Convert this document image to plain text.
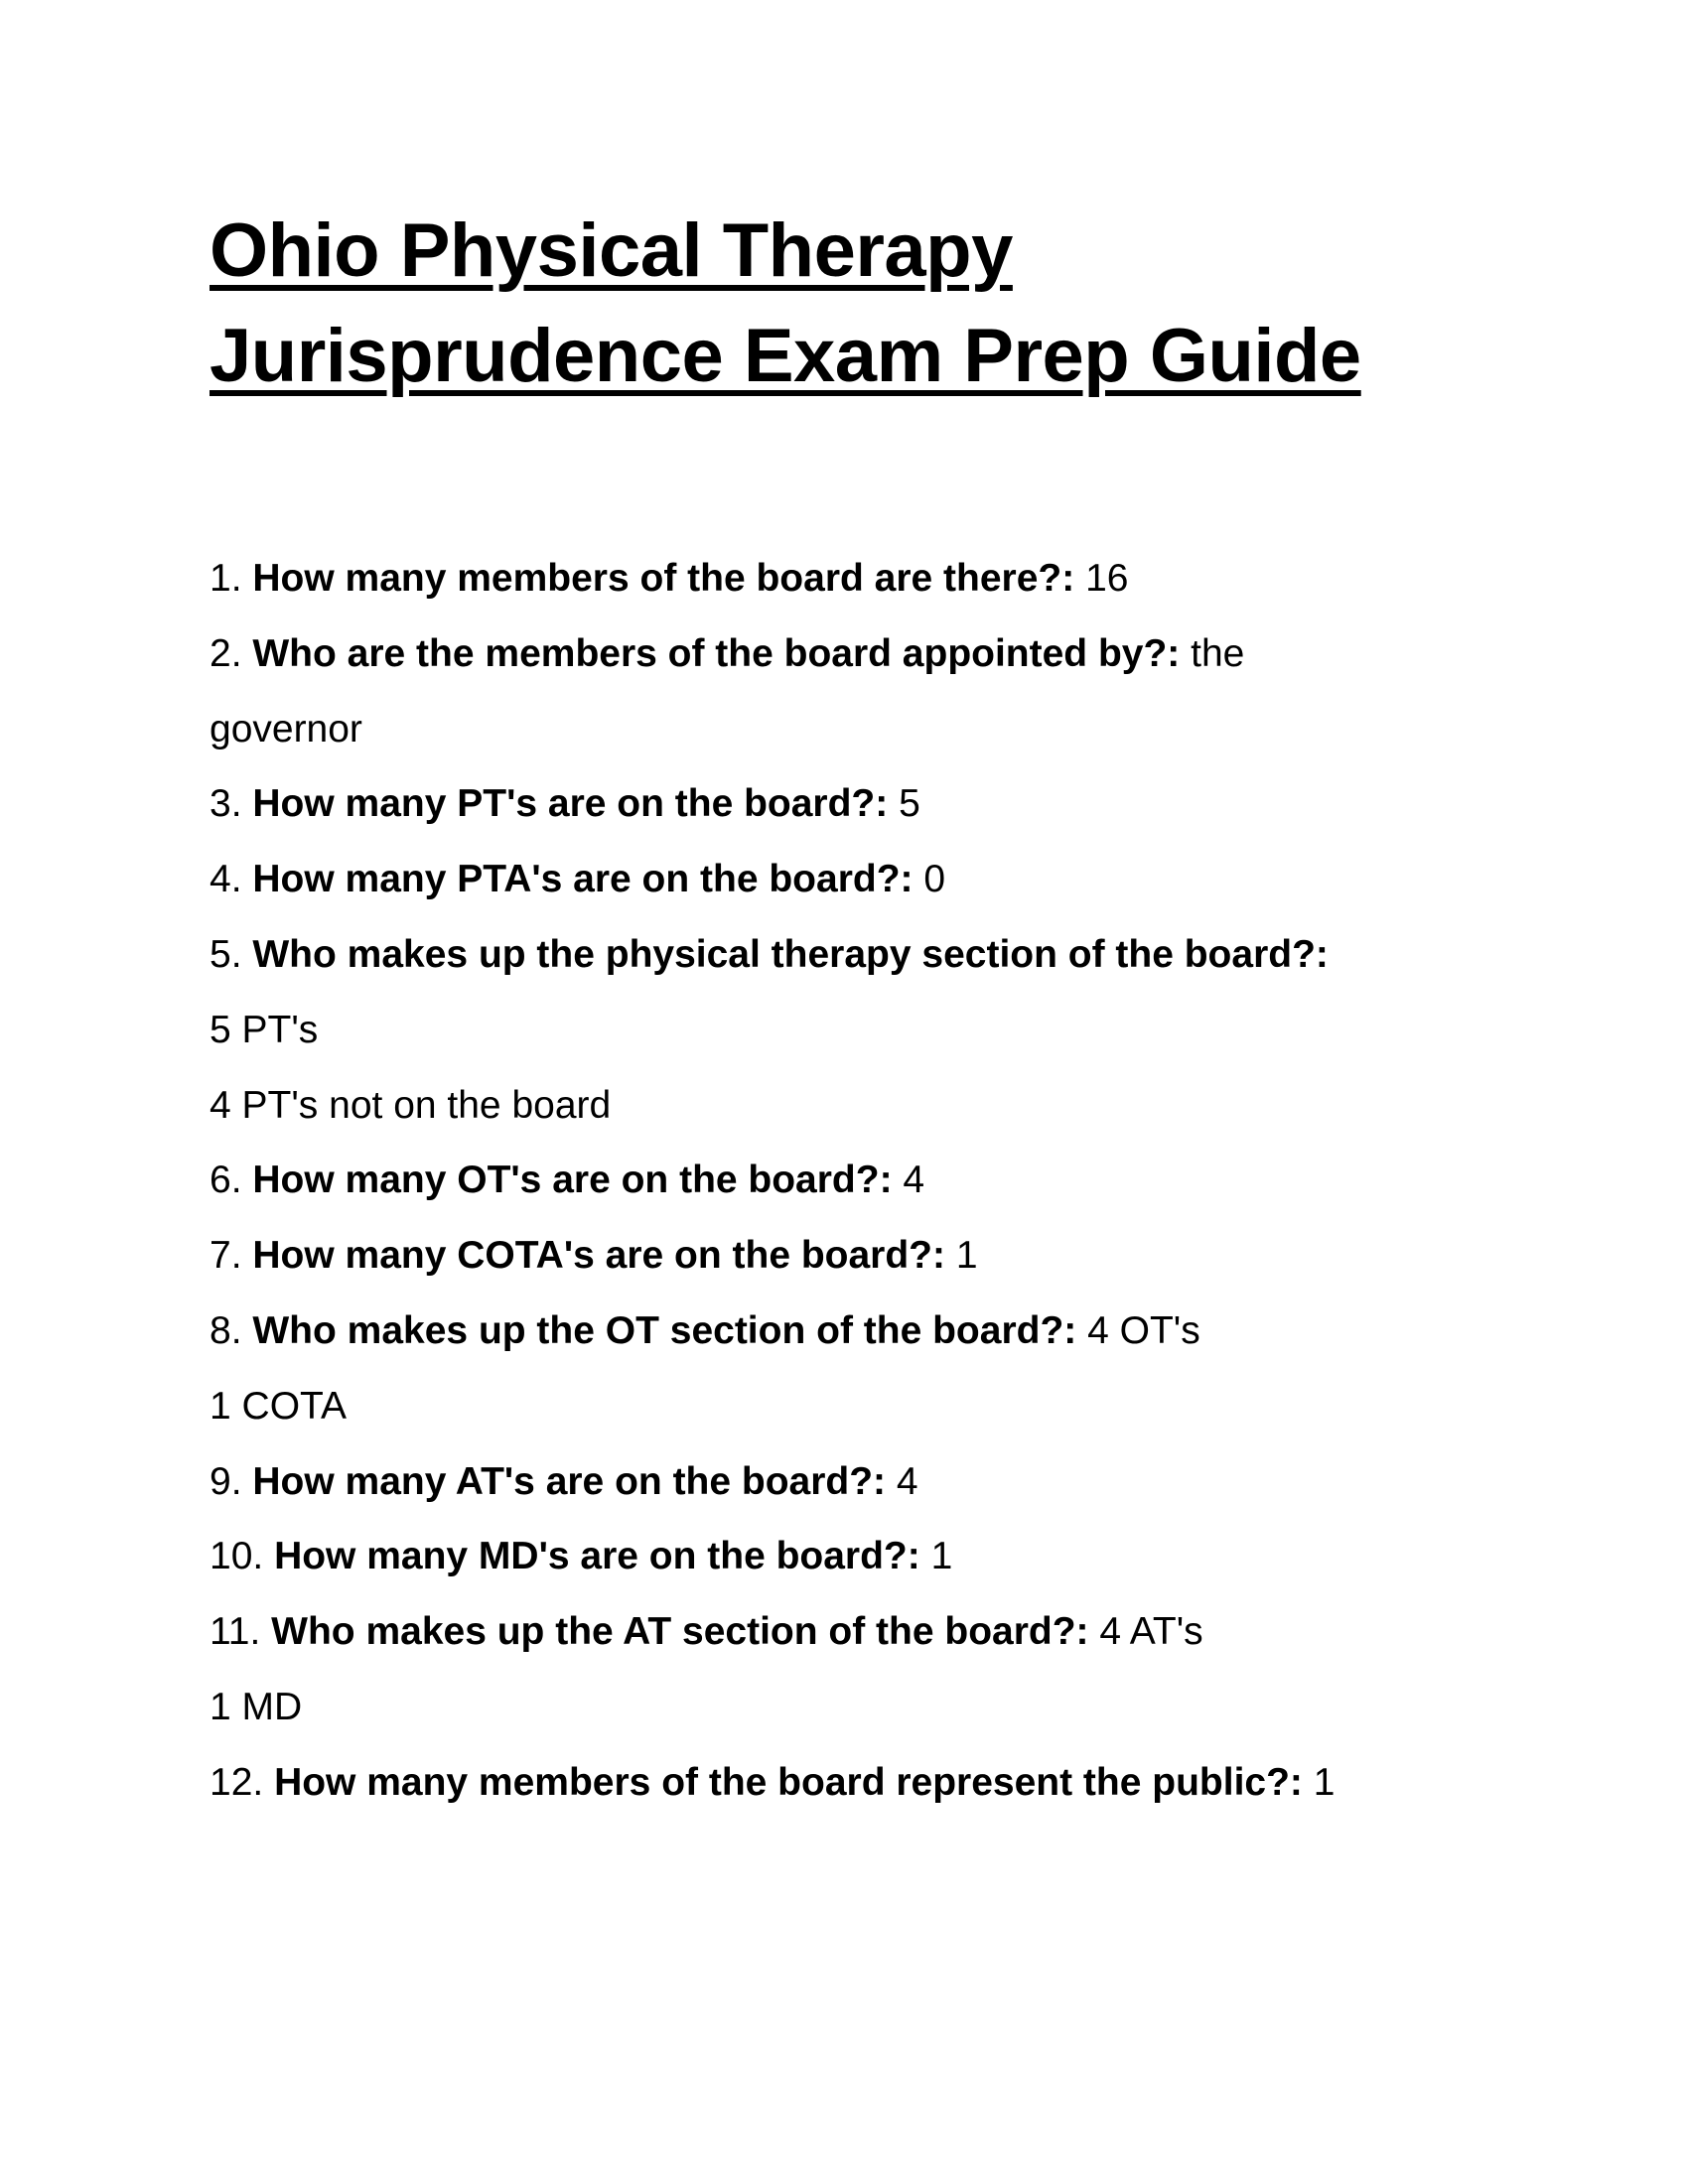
Ohio Physical Therapy
Jurisprudence Exam Prep Guide
1. How many members of the board are there?: 16
2. Who are the members of the board appointed by?: the
governor
3. How many PT's are on the board?: 5
4. How many PTA's are on the board?: 0
5. Who makes up the physical therapy section of the board?:
5 PT's
4 PT's not on the board
6. How many OT's are on the board?: 4
7. How many COTA's are on the board?: 1
8. Who makes up the OT section of the board?: 4 OT's
1 COTA
9. How many AT's are on the board?: 4
10. How many MD's are on the board?: 1
11. Who makes up the AT section of the board?: 4 AT's
1 MD
12. How many members of the board represent the public?: 1
